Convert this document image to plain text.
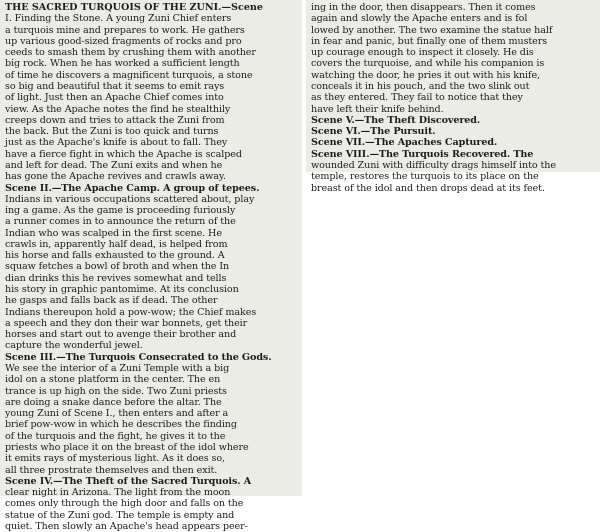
THE SACRED TURQUOIS OF THE ZUNI.—Scene
I. Finding the Stone. A young Zuni Chief enters
a turquois mine and prepares to work. He gathers
up various good-sized fragments of rocks and pro
ceeds to smash them by crushing them with another
big rock. When he has worked a sufficient length
of time he discovers a magnificent turquois, a stone
so big and beautiful that it seems to emit rays
of light. Just then an Apache Chief comes into
view. As the Apache notes the find he stealthily
creeps down and tries to attack the Zuni from
the back. But the Zuni is too quick and turns
just as the Apache's knife is about to fall. They
have a fierce fight in which the Apache is scalped
and left for dead. The Zuni exits and when he
has gone the Apache revives and crawls away.
Scene II.—The Apache Camp. A group of tepees.
Indians in various occupations scattered about, play
ing a game. As the game is proceeding furiously
a runner comes in to announce the return of the
Indian who was scalped in the first scene. He
crawls in, apparently half dead, is helped from
his horse and falls exhausted to the ground. A
squaw fetches a bowl of broth and when the In
dian drinks this he revives somewhat and tells
his story in graphic pantomime. At its conclusion
he gasps and falls back as if dead. The other
Indians thereupon hold a pow-wow; the Chief makes
a speech and they don their war bonnets, get their
horses and start out to avenge their brother and
capture the wonderful jewel.
Scene III.—The Turquois Consecrated to the Gods.
We see the interior of a Zuni Temple with a big
idol on a stone platform in the center. The en
trance is up high on the side. Two Zuni priests
are doing a snake dance before the altar. The
young Zuni of Scene I., then enters and after a
brief pow-wow in which he describes the finding
of the turquois and the fight, he gives it to the
priests who place it on the breast of the idol where
it emits rays of mysterious light. As it does so,
all three prostrate themselves and then exit.
Scene IV.—The Theft of the Sacred Turquois. A
clear night in Arizona. The light from the moon
comes only through the high door and falls on the
statue of the Zuni god. The temple is empty and
quiet. Then slowly an Apache's head appears peer-
ing in the door, then disappears. Then it comes
again and slowly the Apache enters and is fol
lowed by another. The two examine the statue half
in fear and panic, but finally one of them musters
up courage enough to inspect it closely. He dis
covers the turquoise, and while his companion is
watching the door, he pries it out with his knife,
conceals it in his pouch, and the two slink out
as they entered. They fail to notice that they
have left their knife behind.
Scene V.—The Theft Discovered.
Scene VI.—The Pursuit.
Scene VII.—The Apaches Captured.
Scene VIII.—The Turquois Recovered. The
wounded Zuni with difficulty drags himself into the
temple, restores the turquois to its place on the
breast of the idol and then drops dead at its feet.
